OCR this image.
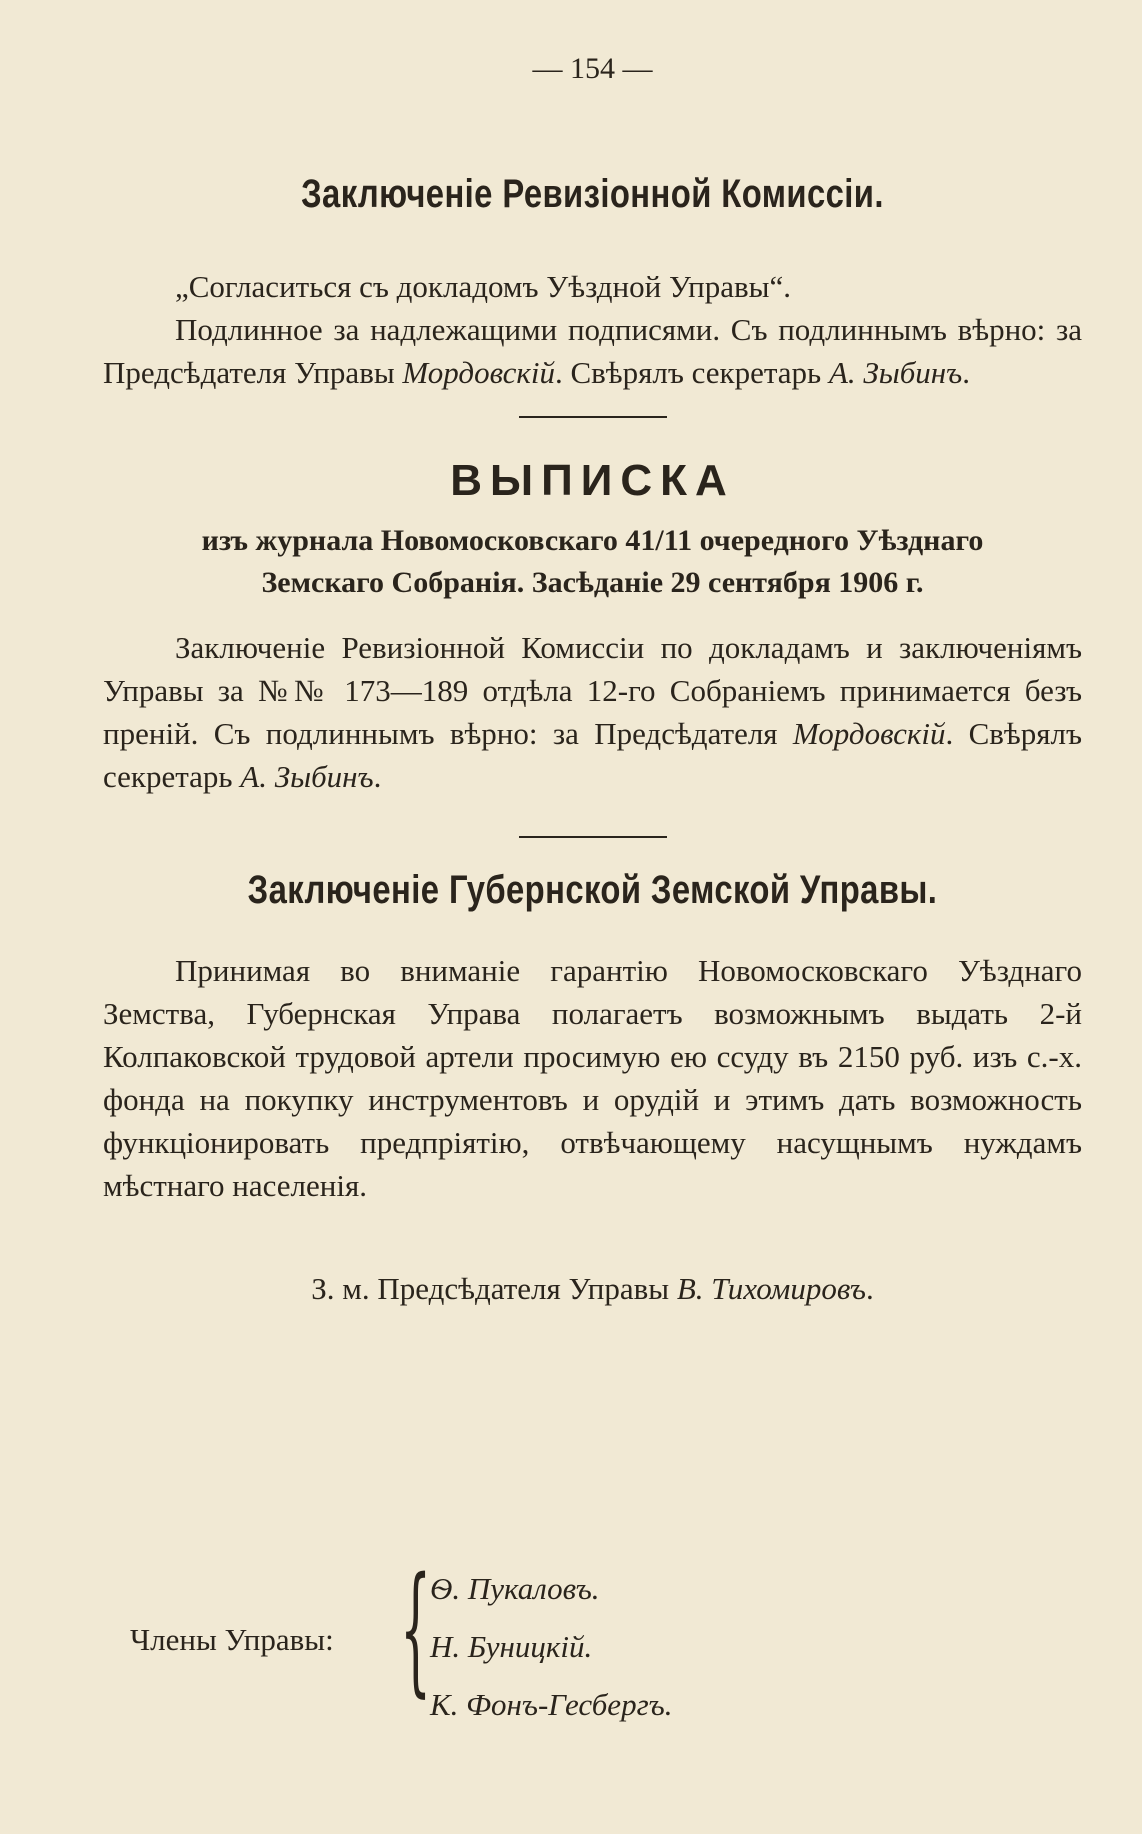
— 154 —
Заключеніе Ревизіонной Комиссіи.

„Согласиться съ докладомъ Уѣздной Управы“.

Подлинное за надлежащими подписями. Съ подлиннымъ вѣрно: за Предсѣдателя Управы Мордовскій. Свѣрялъ секретарь А. Зыбинъ.

ВЫПИСКА
изъ журнала Новомосковскаго 41/11 очередного Уѣзднаго
Земскаго Собранія. Засѣданіе 29 сентября 1906 г.

Заключеніе Ревизіонной Комиссіи по докладамъ и заключеніямъ Управы за №№ 173—189 отдѣла 12-го Собраніемъ принимается безъ преній. Съ подлиннымъ вѣрно: за Предсѣдателя Мордовскій. Свѣрялъ секретарь А. Зыбинъ.

Заключеніе Губернской Земской Управы.

Принимая во вниманіе гарантію Новомосковскаго Уѣзднаго Земства, Губернская Управа полагаетъ возможнымъ выдать 2-й Колпаковской трудовой артели просимую ею ссуду въ 2150 руб. изъ с.-х. фонда на покупку инструментовъ и орудій и этимъ дать возможность функціонировать предпріятію, отвѣчающему насущнымъ нуждамъ мѣстнаго населенія.

З. м. Предсѣдателя Управы В. Тихомировъ.
Члены Управы: {
Ѳ. Пукаловъ.
Н. Буницкій.
К. Фонъ-Гесбергъ.
